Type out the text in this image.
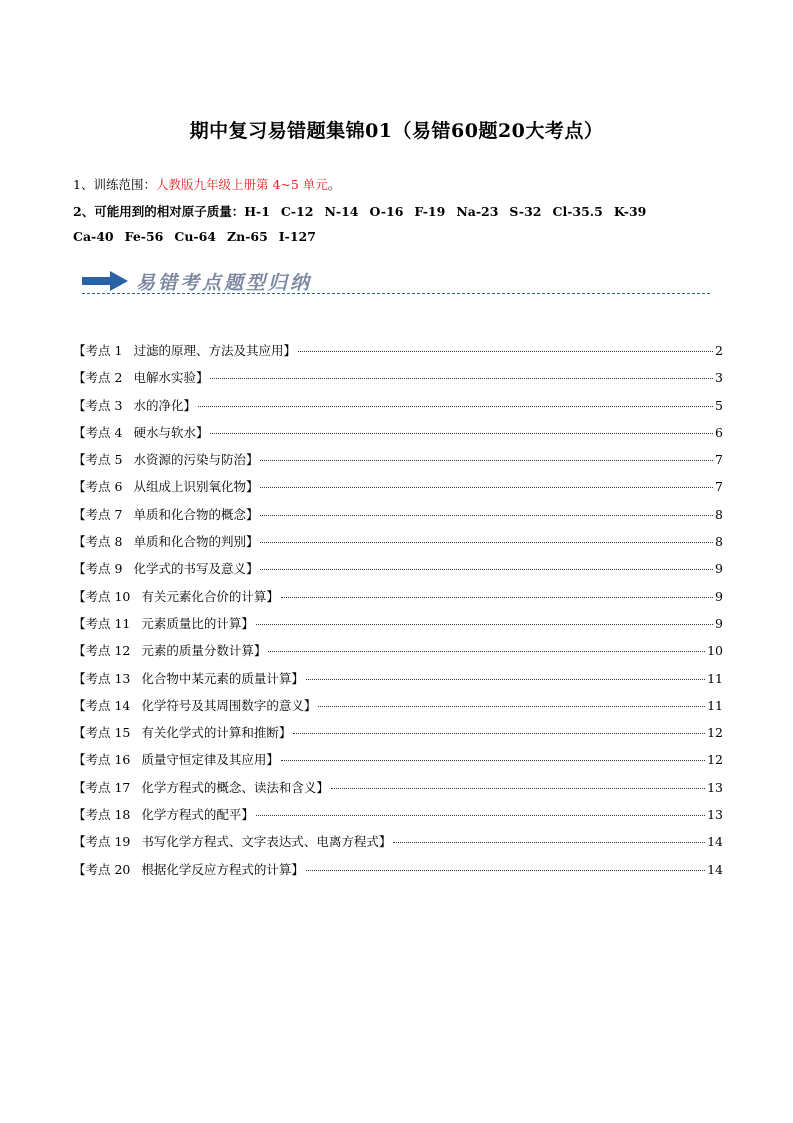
期中复习易错题集锦01（易错60题20大考点）
1、训练范围：人教版九年级上册第 4~5 单元。
2、可能用到的相对原子质量：H-1 C-12 N-14 O-16 F-19 Na-23 S-32 Cl-35.5 K-39
Ca-40 Fe-56 Cu-64 Zn-65 I-127
易错考点题型归纳
【考点 1 过滤的原理、方法及其应用】	2
【考点 2 电解水实验】	3
【考点 3 水的净化】	5
【考点 4 硬水与软水】	6
【考点 5 水资源的污染与防治】	7
【考点 6 从组成上识别氧化物】	7
【考点 7 单质和化合物的概念】	8
【考点 8 单质和化合物的判别】	8
【考点 9 化学式的书写及意义】	9
【考点 10 有关元素化合价的计算】	9
【考点 11 元素质量比的计算】	9
【考点 12 元素的质量分数计算】	10
【考点 13 化合物中某元素的质量计算】	11
【考点 14 化学符号及其周围数字的意义】	11
【考点 15 有关化学式的计算和推断】	12
【考点 16 质量守恒定律及其应用】	12
【考点 17 化学方程式的概念、读法和含义】	13
【考点 18 化学方程式的配平】	13
【考点 19 书写化学方程式、文字表达式、电离方程式】	14
【考点 20 根据化学反应方程式的计算】	14
